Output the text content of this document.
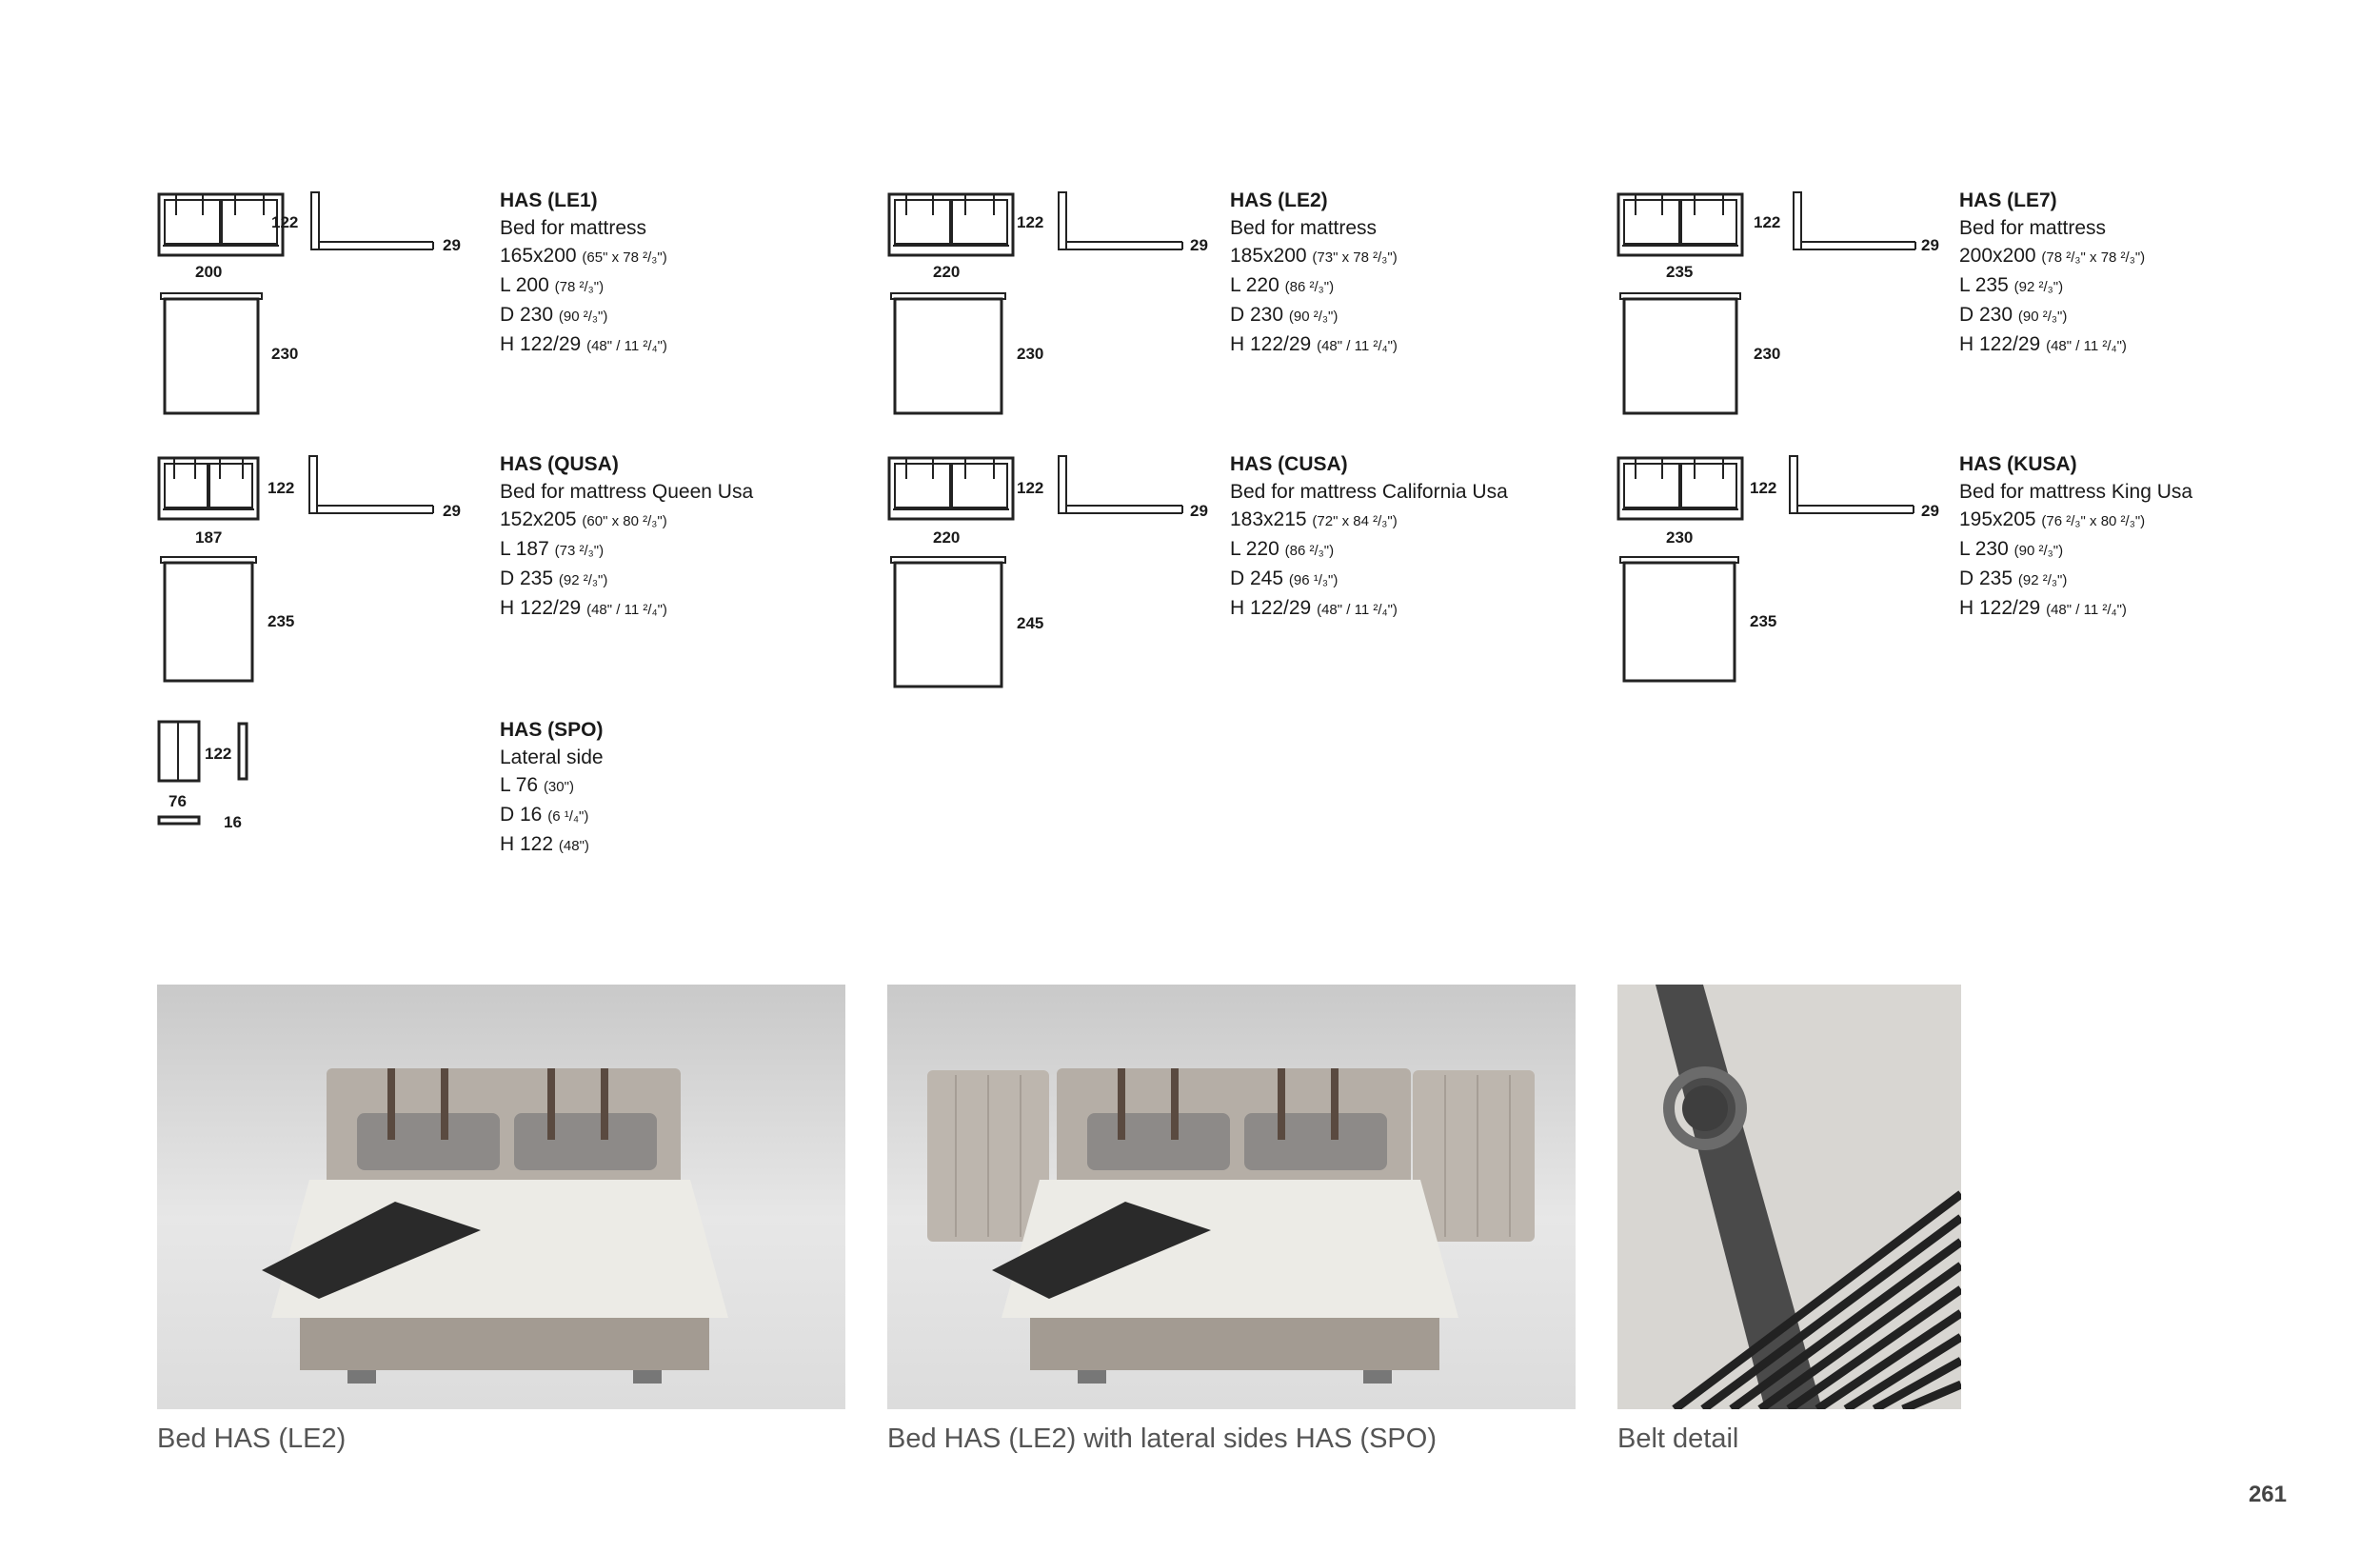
122
29
200
230
HAS (LE1)
Bed for mattress
165x200 (65" x 78 ²/₃")
L 200 (78 ²/₃")
D 230 (90 ²/₃")
H 122/29 (48" / 11 ²/₄")
122
29
220
230
HAS (LE2)
Bed for mattress
185x200 (73" x 78 ²/₃")
L 220 (86 ²/₃")
D 230 (90 ²/₃")
H 122/29 (48" / 11 ²/₄")
122
29
235
230
HAS (LE7)
Bed for mattress
200x200 (78 ²/₃" x 78 ²/₃")
L 235 (92 ²/₃")
D 230 (90 ²/₃")
H 122/29 (48" / 11 ²/₄")
122
29
187
235
HAS (QUSA)
Bed for mattress Queen Usa
152x205 (60" x 80 ²/₃")
L 187 (73 ²/₃")
D 235 (92 ²/₃")
H 122/29 (48" / 11 ²/₄")
122
29
220
245
HAS (CUSA)
Bed for mattress California Usa
183x215 (72" x 84 ²/₃")
L 220 (86 ²/₃")
D 245 (96 ¹/₃")
H 122/29 (48" / 11 ²/₄")
122
29
230
235
HAS (KUSA)
Bed for mattress King Usa
195x205 (76 ²/₃" x 80 ²/₃")
L 230 (90 ²/₃")
D 235 (92 ²/₃")
H 122/29 (48" / 11 ²/₄")
122
76
16
HAS (SPO)
Lateral side
L 76 (30")
D 16 (6 ¹/₄")
H 122 (48")
Bed HAS (LE2)	Bed HAS (LE2) with lateral sides HAS (SPO)	Belt detail
261
